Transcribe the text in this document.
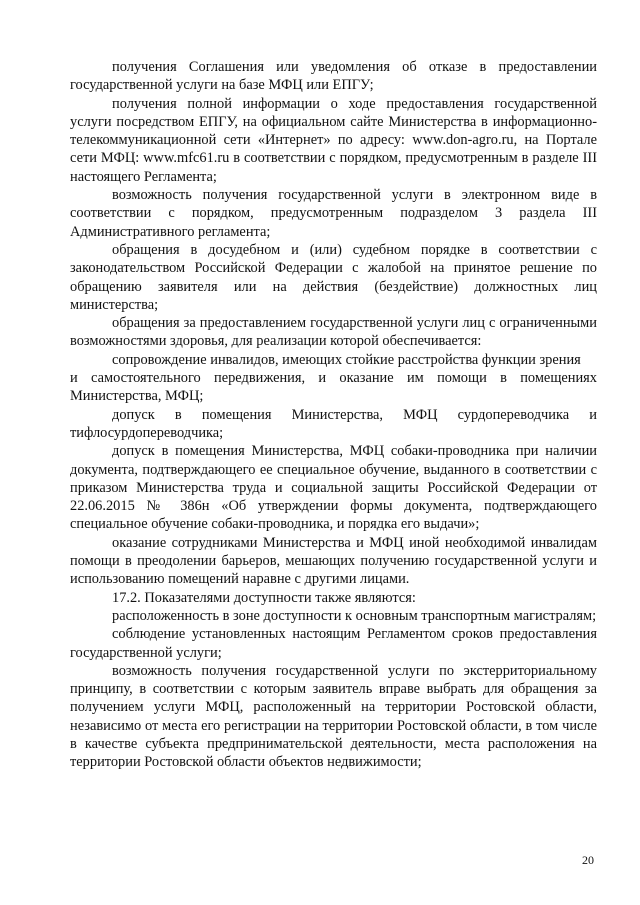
получения Соглашения или уведомления об отказе в предоставлении государственной услуги на базе МФЦ или ЕПГУ;

получения полной информации о ходе предоставления государственной услуги посредством ЕПГУ, на официальном сайте Министерства в информационно-телекоммуникационной сети «Интернет» по адресу: www.don-agro.ru, на Портале сети МФЦ: www.mfc61.ru в соответствии с порядком, предусмотренным в разделе III настоящего Регламента;

возможность получения государственной услуги в электронном виде в соответствии с порядком, предусмотренным подразделом 3 раздела III Административного регламента;

обращения в досудебном и (или) судебном порядке в соответствии с законодательством Российской Федерации с жалобой на принятое решение по обращению заявителя или на действия (бездействие) должностных лиц министерства;

обращения за предоставлением государственной услуги лиц с ограниченными возможностями здоровья, для реализации которой обеспечивается:

сопровождение инвалидов, имеющих стойкие расстройства функции зрения

и самостоятельного передвижения, и оказание им помощи в помещениях Министерства, МФЦ;

допуск в помещения Министерства, МФЦ сурдопереводчика и тифлосурдопереводчика;

допуск в помещения Министерства, МФЦ собаки-проводника при наличии документа, подтверждающего ее специальное обучение, выданного в соответствии с приказом Министерства труда и социальной защиты Российской Федерации от 22.06.2015 № 386н «Об утверждении формы документа, подтверждающего специальное обучение собаки-проводника, и порядка его выдачи»;

оказание сотрудниками Министерства и МФЦ иной необходимой инвалидам помощи в преодолении барьеров, мешающих получению государственной услуги и использованию помещений наравне с другими лицами.

17.2. Показателями доступности также являются:

расположенность в зоне доступности к основным транспортным магистралям;

соблюдение установленных настоящим Регламентом сроков предоставления государственной услуги;

возможность получения государственной услуги по экстерриториальному принципу, в соответствии с которым заявитель вправе выбрать для обращения за получением услуги МФЦ, расположенный на территории Ростовской области, независимо от места его регистрации на территории Ростовской области, в том числе в качестве субъекта предпринимательской деятельности, места расположения на территории Ростовской области объектов недвижимости;

20
